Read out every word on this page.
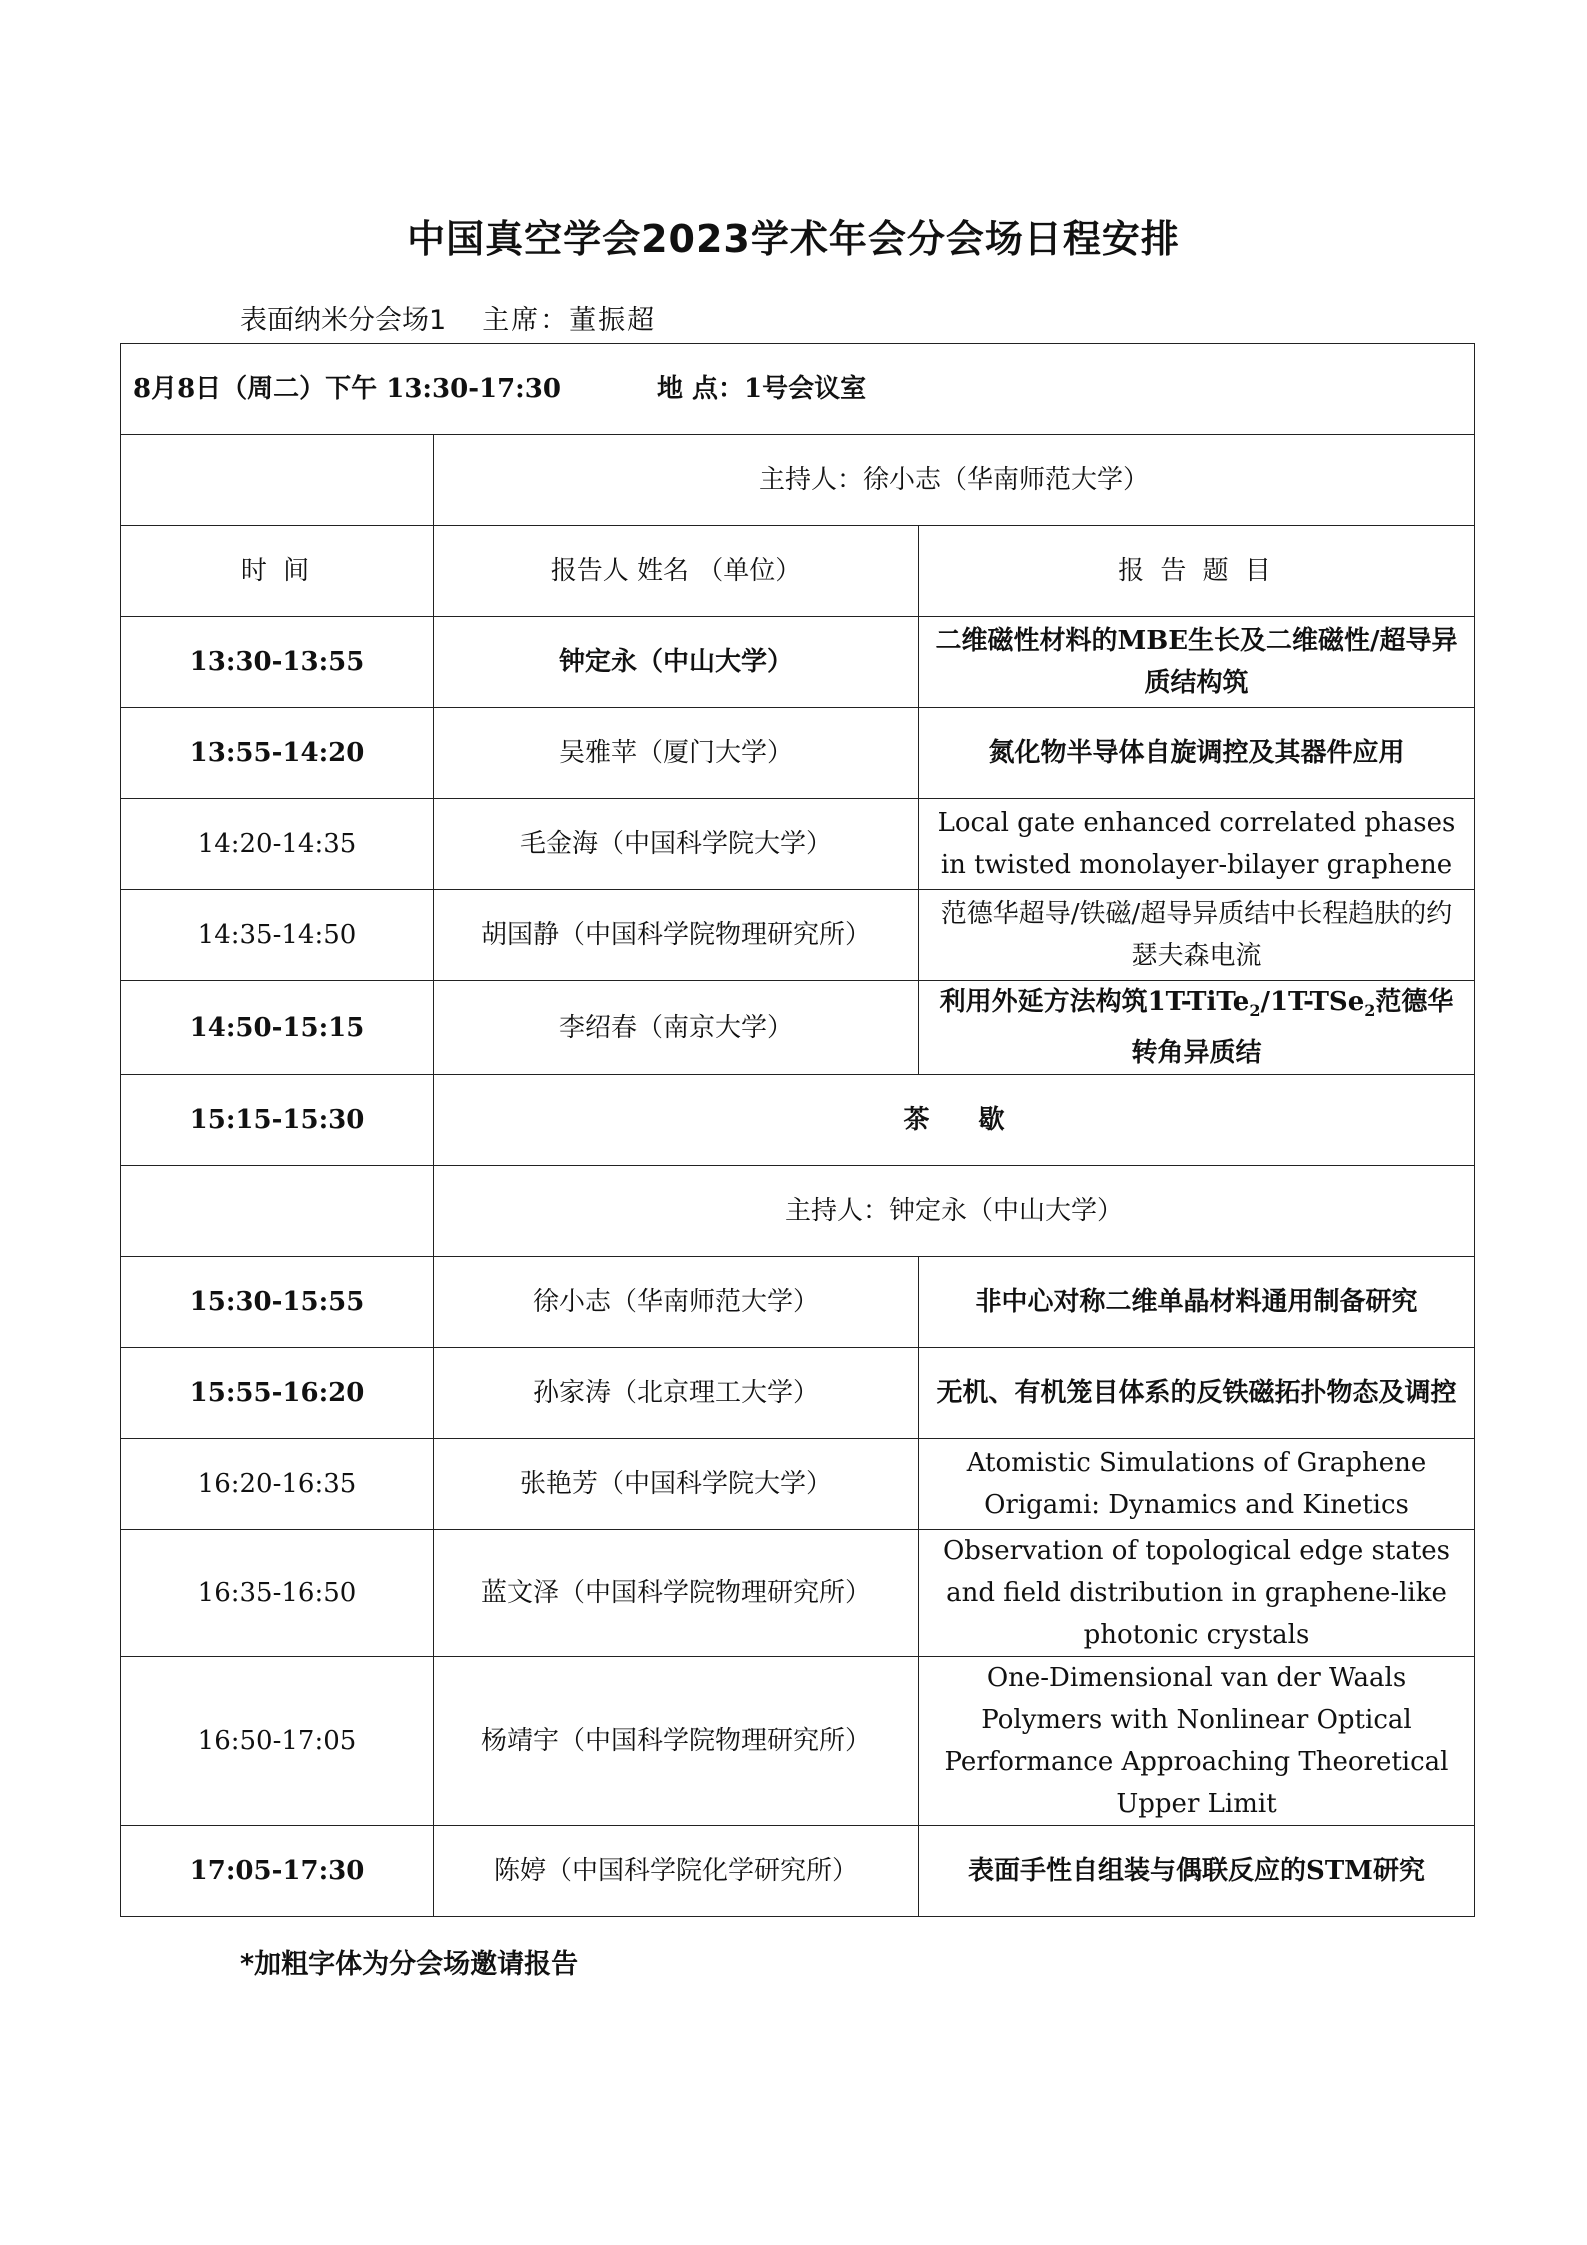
中国真空学会2023学术年会分会场日程安排
表面纳米分会场1 主席：董振超
8月8日（周二）下午 13:30-17:30 地 点：1号会议室		
	主持人：徐小志（华南师范大学）	
时 间	报告人 姓名 （单位）	报 告 题 目
13:30-13:55	钟定永（中山大学）	二维磁性材料的MBE生长及二维磁性/超导异质结构筑
13:55-14:20	吴雅苹（厦门大学）	氮化物半导体自旋调控及其器件应用
14:20-14:35	毛金海（中国科学院大学）	Local gate enhanced correlated phases in twisted monolayer-bilayer graphene
14:35-14:50	胡国静（中国科学院物理研究所）	范德华超导/铁磁/超导异质结中长程趋肤的约瑟夫森电流
14:50-15:15	李绍春（南京大学）	利用外延方法构筑1T-TiTe$_2$/1T-TSe$_2$范德华转角异质结
15:15-15:30	茶 歇	
	主持人：钟定永（中山大学）	
15:30-15:55	徐小志（华南师范大学）	非中心对称二维单晶材料通用制备研究
15:55-16:20	孙家涛（北京理工大学）	无机、有机笼目体系的反铁磁拓扑物态及调控
16:20-16:35	张艳芳（中国科学院大学）	Atomistic Simulations of Graphene Origami: Dynamics and Kinetics
16:35-16:50	蓝文泽（中国科学院物理研究所）	Observation of topological edge states and field distribution in graphene-like photonic crystals
16:50-17:05	杨靖宇（中国科学院物理研究所）	One-Dimensional van der Waals Polymers with Nonlinear Optical Performance Approaching Theoretical Upper Limit
17:05-17:30	陈婷（中国科学院化学研究所）	表面手性自组装与偶联反应的STM研究
*加粗字体为分会场邀请报告
